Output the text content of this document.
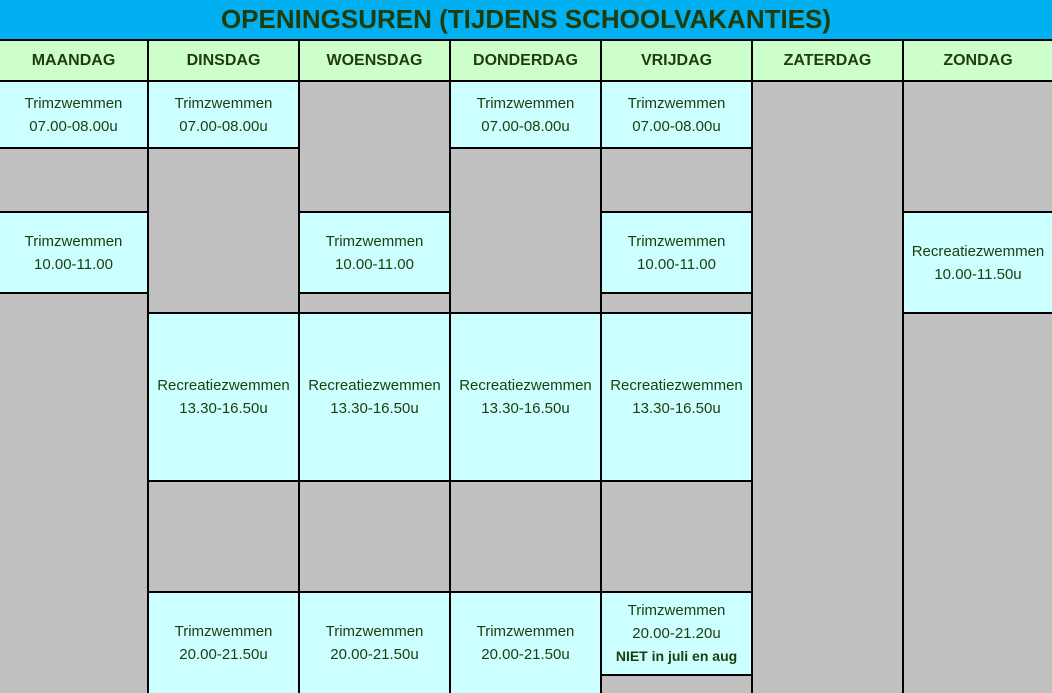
OPENINGSUREN (TIJDENS SCHOOLVAKANTIES)
MAANDAG
Trimzwemmen
07.00-08.00u
Trimzwemmen
10.00-11.00
DINSDAG
Trimzwemmen
07.00-08.00u
Recreatiezwemmen
13.30-16.50u
Trimzwemmen
20.00-21.50u
WOENSDAG
Trimzwemmen
10.00-11.00
Recreatiezwemmen
13.30-16.50u
Trimzwemmen
20.00-21.50u
DONDERDAG
Trimzwemmen
07.00-08.00u
Recreatiezwemmen
13.30-16.50u
Trimzwemmen
20.00-21.50u
VRIJDAG
Trimzwemmen
07.00-08.00u
Trimzwemmen
10.00-11.00
Recreatiezwemmen
13.30-16.50u
Trimzwemmen
20.00-21.20u
NIET in juli en aug
ZATERDAG	ZONDAG
Recreatiezwemmen
10.00-11.50u
